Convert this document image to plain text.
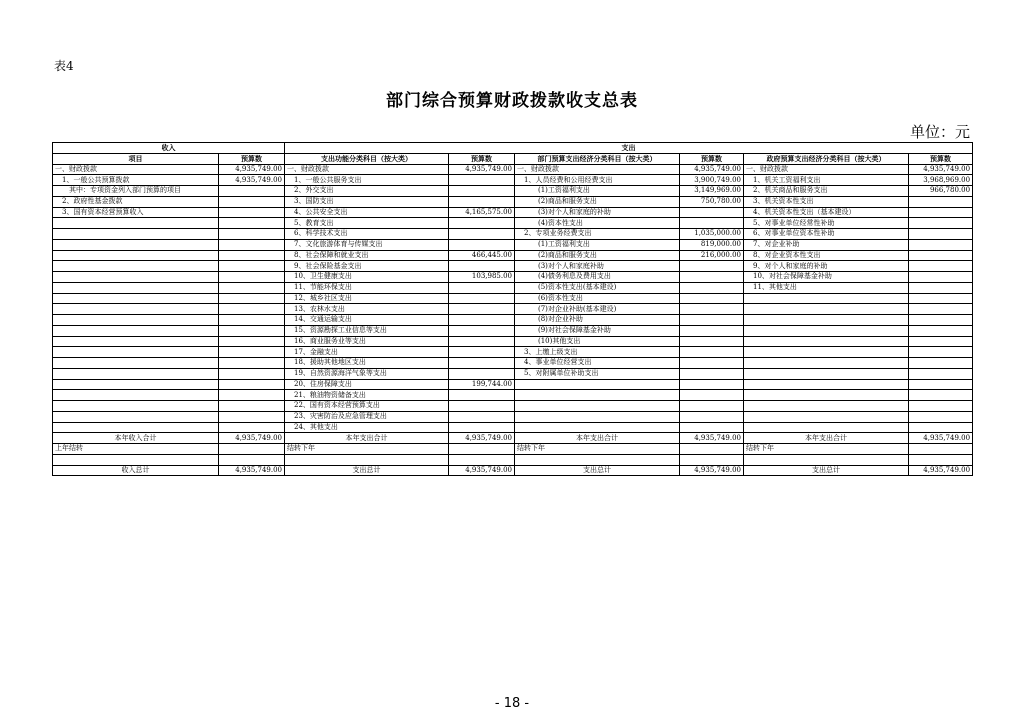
表4
部门综合预算财政拨款收支总表
单位：元
收入		支出					
项目	预算数	支出功能分类科目（按大类）	预算数	部门预算支出经济分类科目（按大类）	预算数	政府预算支出经济分类科目（按大类）	预算数
一、财政拨款	4,935,749.00	一、财政拨款	4,935,749.00	一、财政拨款	4,935,749.00	一、财政拨款	4,935,749.00
　1、一般公共预算拨款	4,935,749.00	　1、一般公共服务支出		　1、人员经费和公用经费支出	3,900,749.00	　1、机关工资福利支出	3,968,969.00
　　其中：专项资金列入部门预算的项目		　2、外交支出		　　　(1)工资福利支出	3,149,969.00	　2、机关商品和服务支出	966,780.00
　2、政府性基金拨款		　3、国防支出		　　　(2)商品和服务支出	750,780.00	　3、机关资本性支出	
　3、国有资本经营预算收入		　4、公共安全支出	4,165,575.00	　　　(3)对个人和家庭的补助		　4、机关资本性支出（基本建设）	
		　5、教育支出		　　　(4)资本性支出		　5、对事业单位经常性补助	
		　6、科学技术支出		　2、专项业务经费支出	1,035,000.00	　6、对事业单位资本性补助	
		　7、文化旅游体育与传媒支出		　　　(1)工资福利支出	819,000.00	　7、对企业补助	
		　8、社会保障和就业支出	466,445.00	　　　(2)商品和服务支出	216,000.00	　8、对企业资本性支出	
		　9、社会保险基金支出		　　　(3)对个人和家庭补助		　9、对个人和家庭的补助	
		　10、卫生健康支出	103,985.00	　　　(4)债务利息及费用支出		　10、对社会保障基金补助	
		　11、节能环保支出		　　　(5)资本性支出(基本建设)		　11、其他支出	
		　12、城乡社区支出		　　　(6)资本性支出			
		　13、农林水支出		　　　(7)对企业补助(基本建设)			
		　14、交通运输支出		　　　(8)对企业补助			
		　15、资源勘探工业信息等支出		　　　(9)对社会保障基金补助			
		　16、商业服务业等支出		　　　(10)其他支出			
		　17、金融支出		　3、上缴上级支出			
		　18、援助其他地区支出		　4、事业单位经营支出			
		　19、自然资源海洋气象等支出		　5、对附属单位补助支出			
		　20、住房保障支出	199,744.00				
		　21、粮油物资储备支出					
		　22、国有资本经营预算支出					
		　23、灾害防治及应急管理支出					
		　24、其他支出					
本年收入合计	4,935,749.00	本年支出合计	4,935,749.00	本年支出合计	4,935,749.00	本年支出合计	4,935,749.00
上年结转		结转下年		结转下年		结转下年	

收入总计	4,935,749.00	支出总计	4,935,749.00	支出总计	4,935,749.00	支出总计	4,935,749.00
- 18 -
